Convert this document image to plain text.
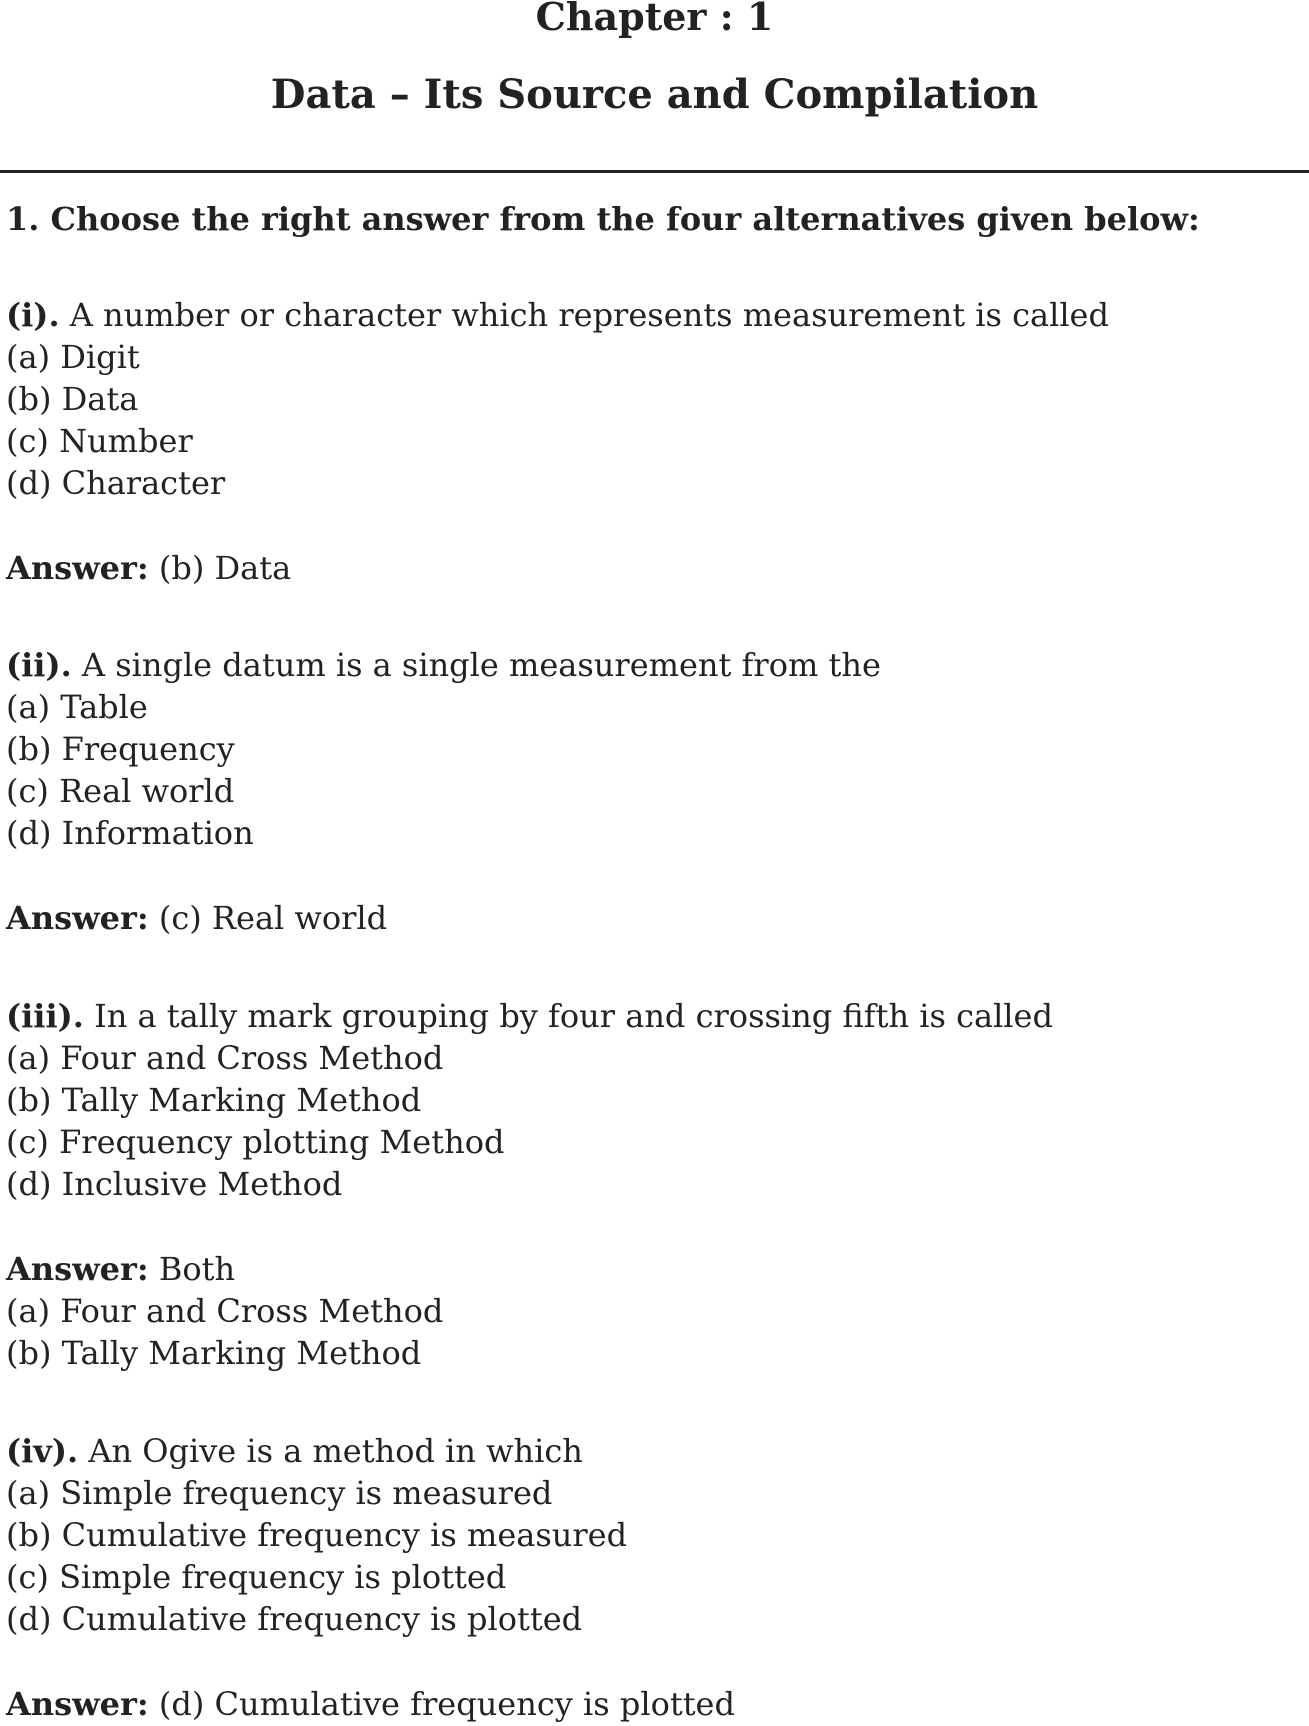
Chapter : 1
Data – Its Source and Compilation
1. Choose the right answer from the four alternatives given below:
(i). A number or character which represents measurement is called
(a) Digit
(b) Data
(c) Number
(d) Character
Answer: (b) Data
(ii). A single datum is a single measurement from the
(a) Table
(b) Frequency
(c) Real world
(d) Information
Answer: (c) Real world
(iii). In a tally mark grouping by four and crossing fifth is called
(a) Four and Cross Method
(b) Tally Marking Method
(c) Frequency plotting Method
(d) Inclusive Method
Answer: Both
(a) Four and Cross Method
(b) Tally Marking Method
(iv). An Ogive is a method in which
(a) Simple frequency is measured
(b) Cumulative frequency is measured
(c) Simple frequency is plotted
(d) Cumulative frequency is plotted
Answer: (d) Cumulative frequency is plotted
